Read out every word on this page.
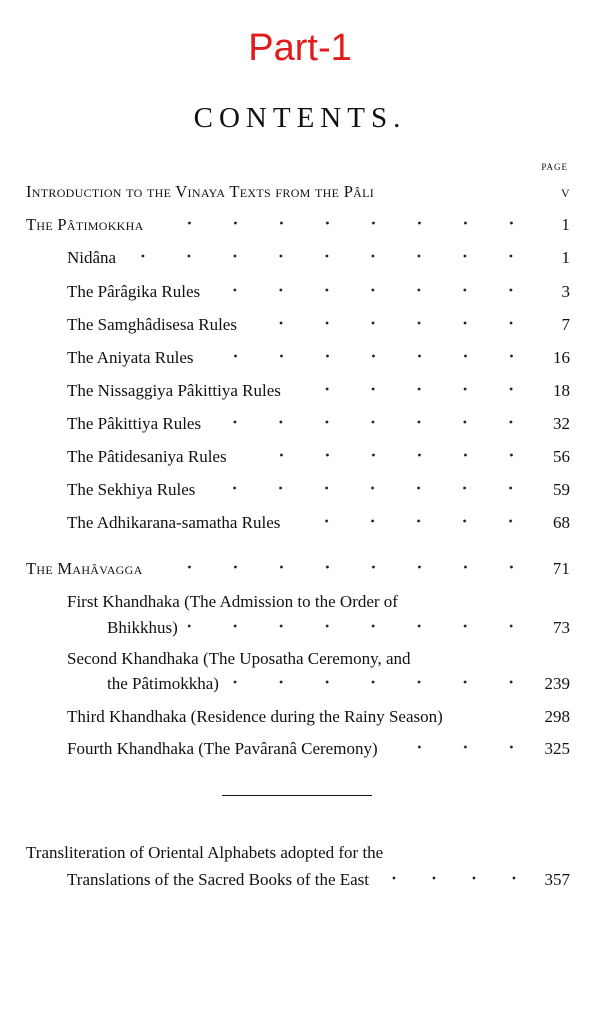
Part-1
CONTENTS.
PAGE
Introduction to the Vinaya Texts from the Pâli	v
The Pâtimokkha	1
Nidâna	1
The Pârâgika Rules	3
The Samghâdisesa Rules	7
The Aniyata Rules	16
The Nissaggiya Pâkittiya Rules	18
The Pâkittiya Rules	32
The Pâtidesaniya Rules	56
The Sekhiya Rules	59
The Adhikarana-samatha Rules	68
The Mahâvagga	71
First Khandhaka (The Admission to the Order of
Bhikkhus)	73
Second Khandhaka (The Uposatha Ceremony, and
the Pâtimokkha)	239
Third Khandhaka (Residence during the Rainy Season)	298
Fourth Khandhaka (The Pavâranâ Ceremony)	325
Transliteration of Oriental Alphabets adopted for the
Translations of the Sacred Books of the East	357
